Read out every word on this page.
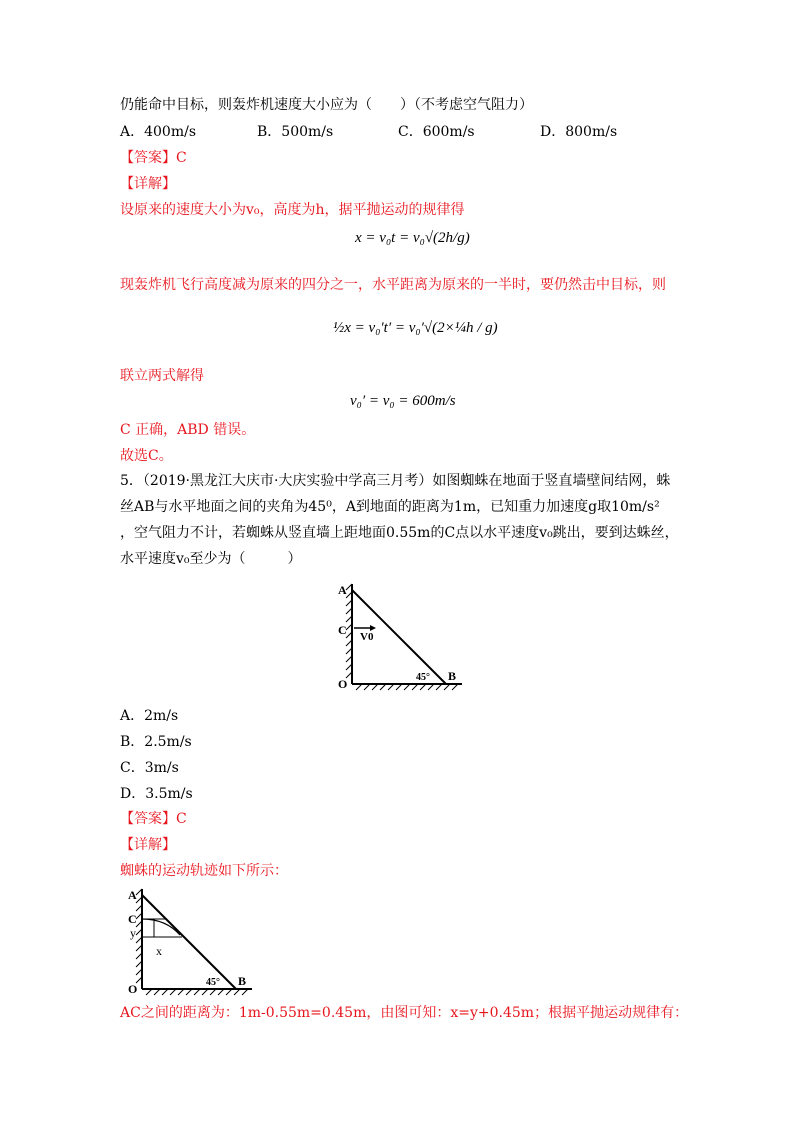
仍能命中目标，则轰炸机速度大小应为（　　）（不考虑空气阻力）
A．400m/s	B．500m/s	C．600m/s	D．800m/s
【答案】C
【详解】
设原来的速度大小为v₀，高度为h，据平抛运动的规律得
x = v₀t = v₀√(2h/g)
现轰炸机飞行高度减为原来的四分之一，水平距离为原来的一半时，要仍然击中目标，则
½x = v₀′t′ = v₀′√(2×¼h / g)
联立两式解得
v₀′ = v₀ = 600m/s
C 正确，ABD 错误。
故选C。
5．（2019·黑龙江大庆市·大庆实验中学高三月考）如图蜘蛛在地面于竖直墙壁间结网，蛛
丝AB与水平地面之间的夹角为45⁰，A到地面的距离为1m，已知重力加速度g取10m/s²
，空气阻力不计，若蜘蛛从竖直墙上距地面0.55m的C点以水平速度v₀跳出，要到达蛛丝，
水平速度v₀至少为（　　　）
A
C V0
O
B
45°
A．2m/s
B．2.5m/s
C．3m/s
D．3.5m/s
【答案】C
【详解】
蜘蛛的运动轨迹如下所示：
A
C
y
x
O
B
45°
AC之间的距离为：1m-0.55m=0.45m，由图可知：x=y+0.45m；根据平抛运动规律有：
